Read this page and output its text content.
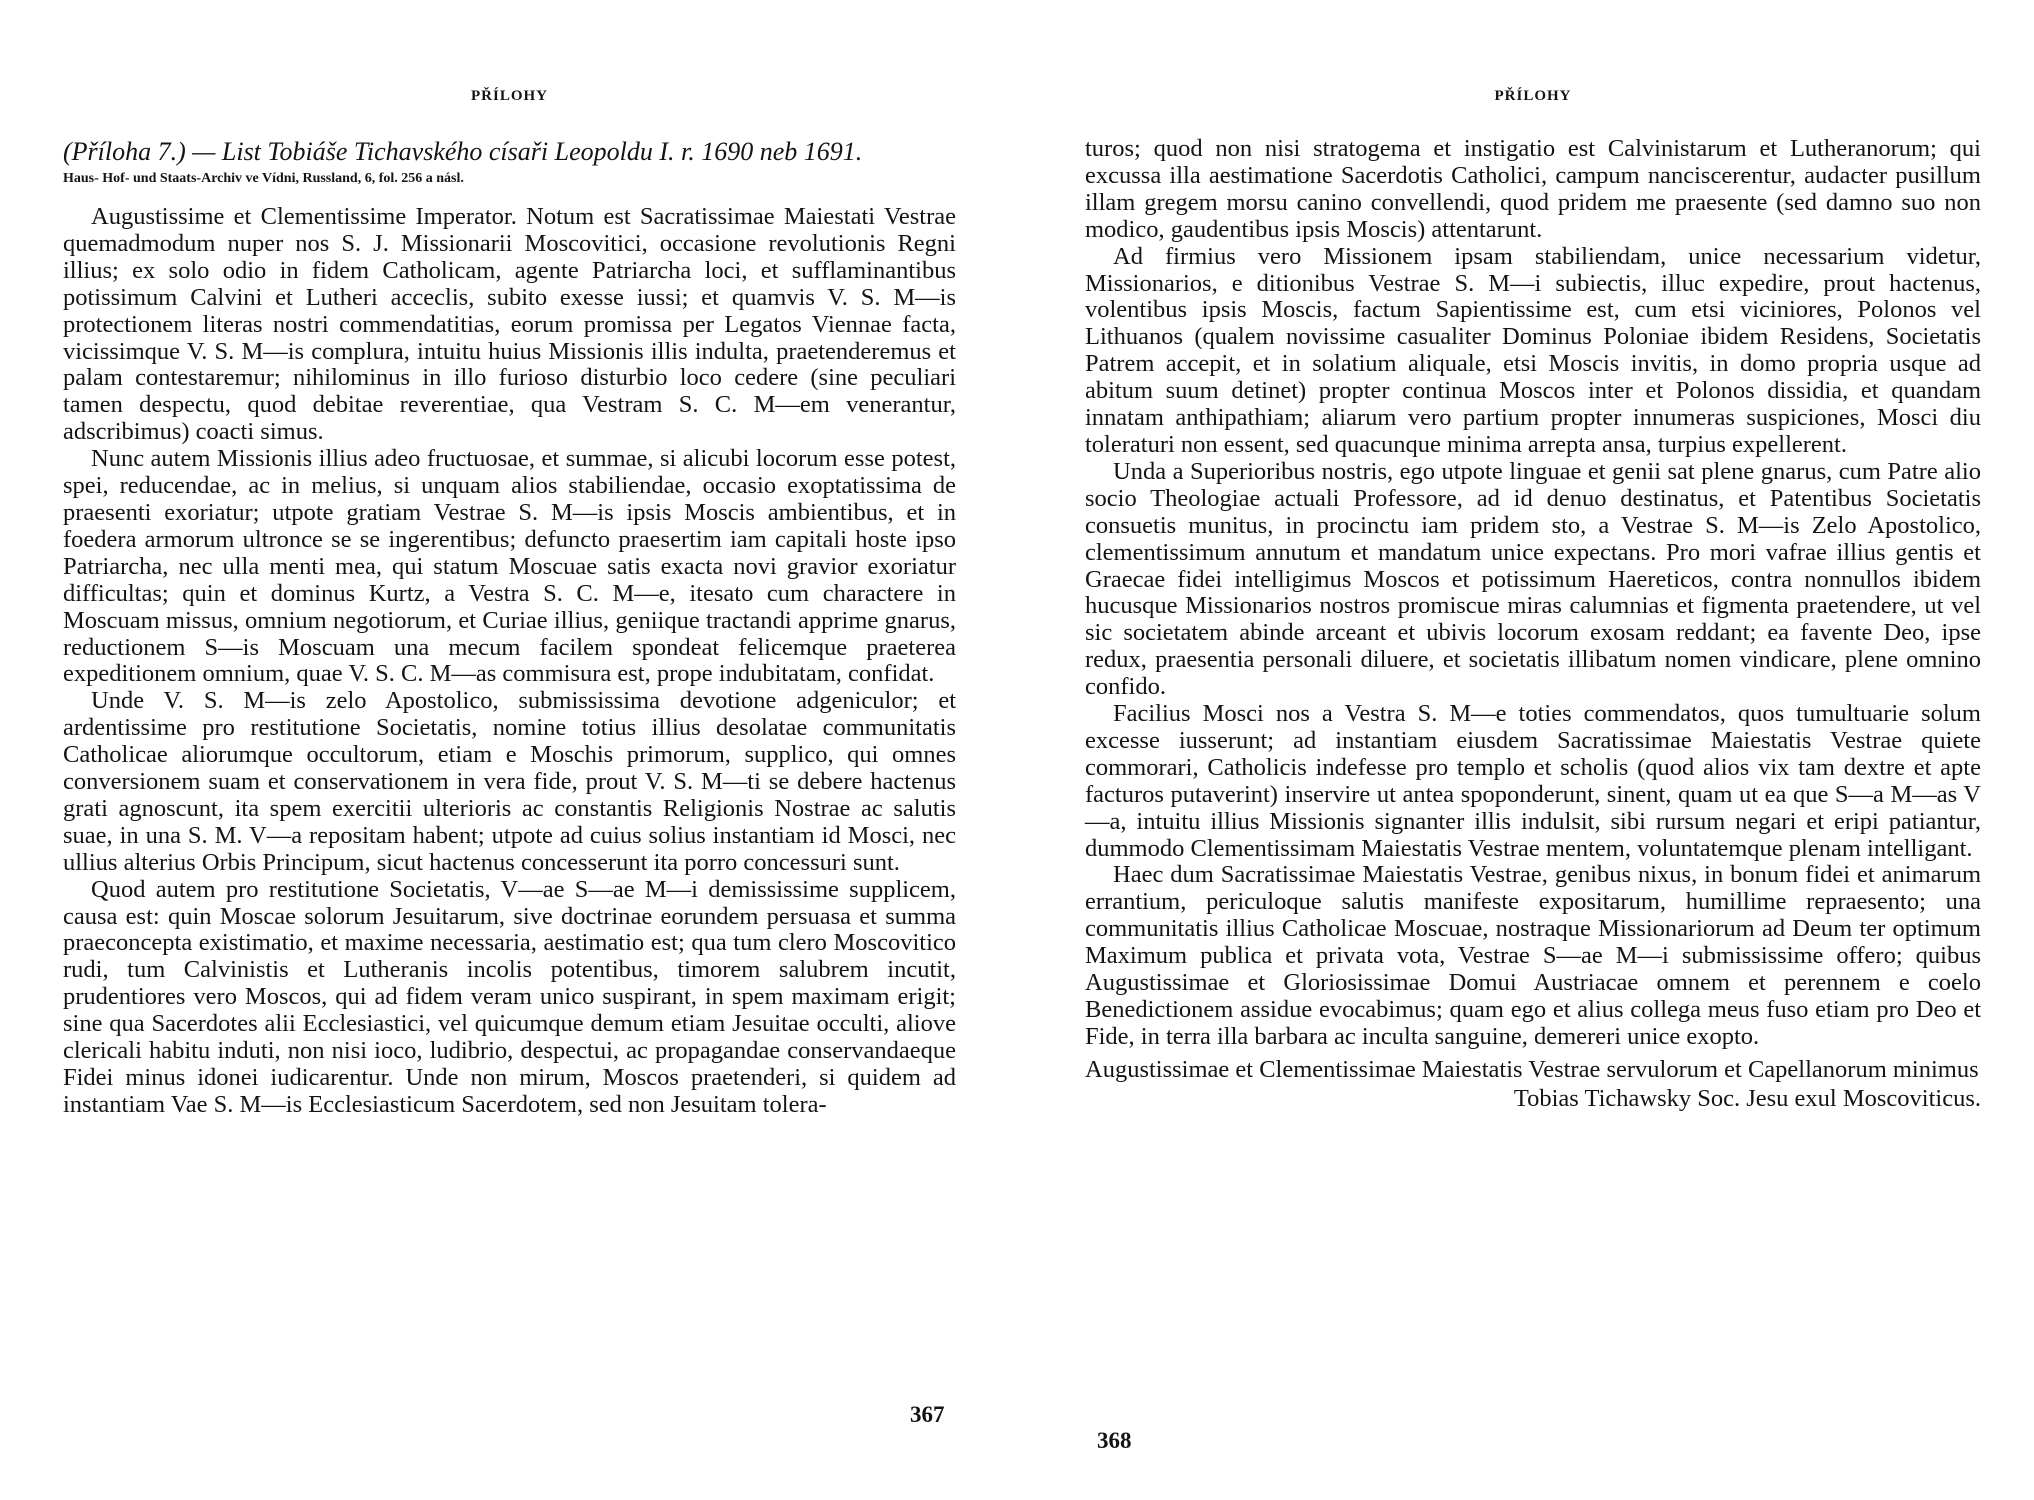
PŘÍLOHY
(Příloha 7.) — List Tobiáše Tichavského císaři Leopoldu I. r. 1690 neb 1691.
Haus- Hof- und Staats-Archiv ve Vídni, Russland, 6, fol. 256 a násl.

Augustissime et Clementissime Imperator. Notum est Sacratissimae Maiestati Vestrae quemadmodum nuper nos S. J. Missionarii Moscovitici, occasione revolutionis Regni illius; ex solo odio in fidem Catholicam, agente Patriarcha loci, et sufflaminantibus potissimum Calvini et Lutheri acceclis, subito exesse iussi; et quamvis V. S. M—is protectionem literas nostri commendatitias, eorum promissa per Legatos Viennae facta, vicissimque V. S. M—is complura, intuitu huius Missionis illis indulta, praetenderemus et palam contestaremur; nihilominus in illo furioso disturbio loco cedere (sine peculiari tamen despectu, quod debitae reverentiae, qua Vestram S. C. M—em venerantur, adscribimus) coacti simus.

Nunc autem Missionis illius adeo fructuosae, et summae, si alicubi locorum esse potest, spei, reducendae, ac in melius, si unquam alios stabiliendae, occasio exoptatissima de praesenti exoriatur; utpote gratiam Vestrae S. M—is ipsis Moscis ambientibus, et in foedera armorum ultronce se se ingerentibus; defuncto praesertim iam capitali hoste ipso Patriarcha, nec ulla menti mea, qui statum Moscuae satis exacta novi gravior exoriatur difficultas; quin et dominus Kurtz, a Vestra S. C. M—e, itesato cum charactere in Moscuam missus, omnium negotiorum, et Curiae illius, geniique tractandi apprime gnarus, reductionem S—is Moscuam una mecum facilem spondeat felicemque praeterea expeditionem omnium, quae V. S. C. M—as commisura est, prope indubitatam, confidat.

Unde V. S. M—is zelo Apostolico, submississima devotione adgeniculor; et ardentissime pro restitutione Societatis, nomine totius illius desolatae communitatis Catholicae aliorumque occultorum, etiam e Moschis primorum, supplico, qui omnes conversionem suam et conservationem in vera fide, prout V. S. M—ti se debere hactenus grati agnoscunt, ita spem exercitii ulterioris ac constantis Religionis Nostrae ac salutis suae, in una S. M. V—a repositam habent; utpote ad cuius solius instantiam id Mosci, nec ullius alterius Orbis Principum, sicut hactenus concesserunt ita porro concessuri sunt.

Quod autem pro restitutione Societatis, V—ae S—ae M—i demississime supplicem, causa est: quin Moscae solorum Jesuitarum, sive doctrinae eorundem persuasa et summa praeconcepta existimatio, et maxime necessaria, aestimatio est; qua tum clero Moscovitico rudi, tum Calvinistis et Lutheranis incolis potentibus, timorem salubrem incutit, prudentiores vero Moscos, qui ad fidem veram unico suspirant, in spem maximam erigit; sine qua Sacerdotes alii Ecclesiastici, vel quicumque demum etiam Jesuitae occulti, aliove clericali habitu induti, non nisi ioco, ludibrio, despectui, ac propagandae conservandaeque Fidei minus idonei iudicarentur. Unde non mirum, Moscos praetenderi, si quidem ad instantiam Vae S. M—is Ecclesiasticum Sacerdotem, sed non Jesuitam tolera-

367
PŘÍLOHY

turos; quod non nisi stratogema et instigatio est Calvinistarum et Lutheranorum; qui excussa illa aestimatione Sacerdotis Catholici, campum nanciscerentur, audacter pusillum illam gregem morsu canino convellendi, quod pridem me praesente (sed damno suo non modico, gaudentibus ipsis Moscis) attentarunt.

Ad firmius vero Missionem ipsam stabiliendam, unice necessarium videtur, Missionarios, e ditionibus Vestrae S. M—i subiectis, illuc expedire, prout hactenus, volentibus ipsis Moscis, factum Sapientissime est, cum etsi viciniores, Polonos vel Lithuanos (qualem novissime casualiter Dominus Poloniae ibidem Residens, Societatis Patrem accepit, et in solatium aliquale, etsi Moscis invitis, in domo propria usque ad abitum suum detinet) propter continua Moscos inter et Polonos dissidia, et quandam innatam anthipathiam; aliarum vero partium propter innumeras suspiciones, Mosci diu toleraturi non essent, sed quacunque minima arrepta ansa, turpius expellerent.

Unda a Superioribus nostris, ego utpote linguae et genii sat plene gnarus, cum Patre alio socio Theologiae actuali Professore, ad id denuo destinatus, et Patentibus Societatis consuetis munitus, in procinctu iam pridem sto, a Vestrae S. M—is Zelo Apostolico, clementissimum annutum et mandatum unice expectans. Pro mori vafrae illius gentis et Graecae fidei intelligimus Moscos et potissimum Haereticos, contra nonnullos ibidem hucusque Missionarios nostros promiscue miras calumnias et figmenta praetendere, ut vel sic societatem abinde arceant et ubivis locorum exosam reddant; ea favente Deo, ipse redux, praesentia personali diluere, et societatis illibatum nomen vindicare, plene omnino confido.

Facilius Mosci nos a Vestra S. M—e toties commendatos, quos tumultuarie solum excesse iusserunt; ad instantiam eiusdem Sacratissimae Maiestatis Vestrae quiete commorari, Catholicis indefesse pro templo et scholis (quod alios vix tam dextre et apte facturos putaverint) inservire ut antea spoponderunt, sinent, quam ut ea que S—a M—as V—a, intuitu illius Missionis signanter illis indulsit, sibi rursum negari et eripi patiantur, dummodo Clementissimam Maiestatis Vestrae mentem, voluntatemque plenam intelligant.

Haec dum Sacratissimae Maiestatis Vestrae, genibus nixus, in bonum fidei et animarum errantium, periculoque salutis manifeste expositarum, humillime repraesento; una communitatis illius Catholicae Moscuae, nostraque Missionariorum ad Deum ter optimum Maximum publica et privata vota, Vestrae S—ae M—i submississime offero; quibus Augustissimae et Gloriosissimae Domui Austriacae omnem et perennem e coelo Benedictionem assidue evocabimus; quam ego et alius collega meus fuso etiam pro Deo et Fide, in terra illa barbara ac inculta sanguine, demereri unice exopto.

Augustissimae et Clementissimae Maiestatis Vestrae servulorum et Capellanorum minimus

Tobias Tichawsky Soc. Jesu exul Moscoviticus.
368
